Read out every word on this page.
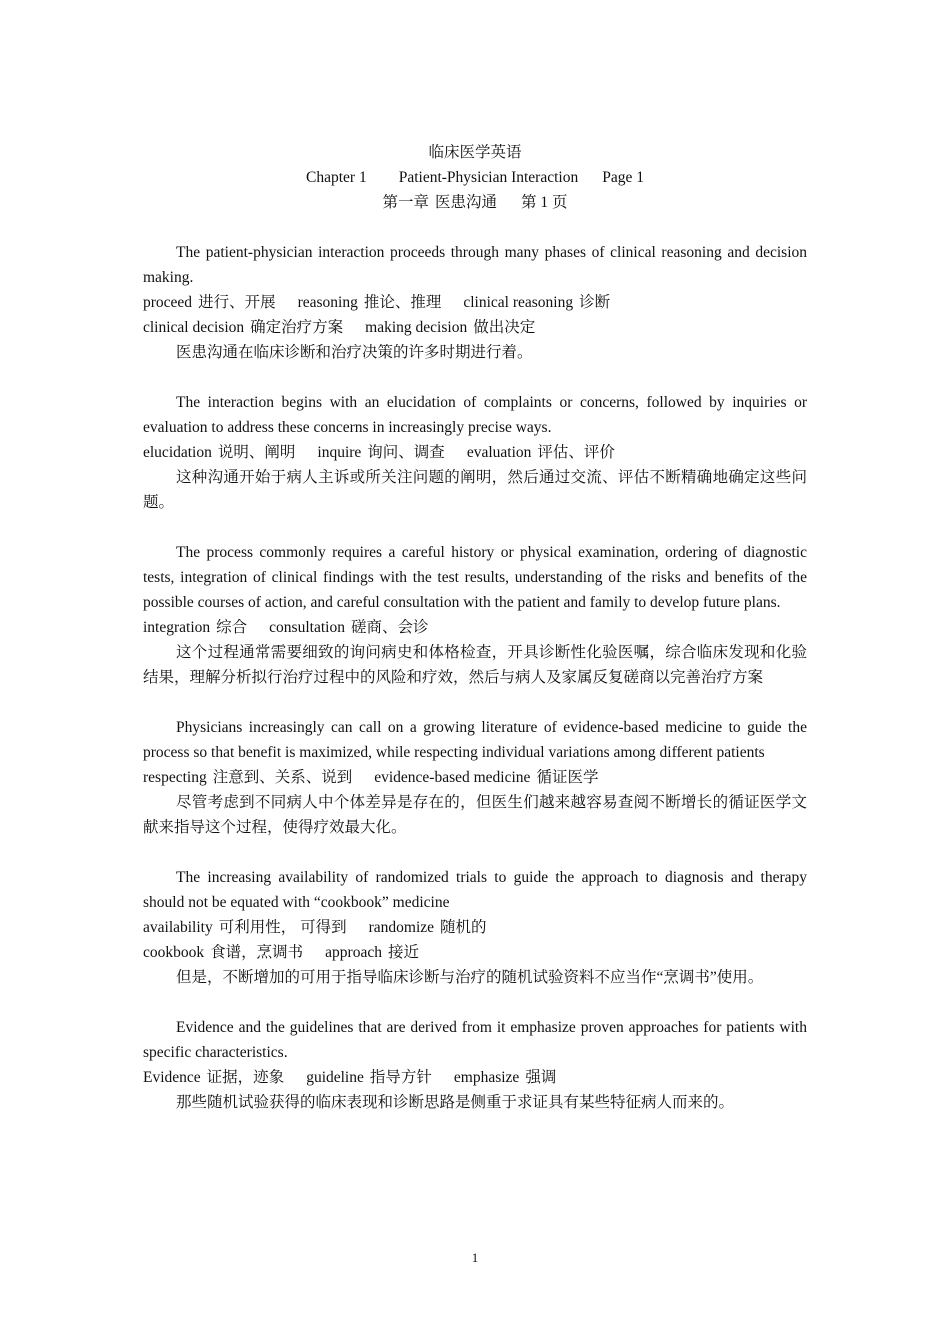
临床医学英语
Chapter 1 Patient-Physician Interaction Page 1
第一章 医患沟通 第 1 页

The patient-physician interaction proceeds through many phases of clinical reasoning and decision making.

proceed 进行、开展 reasoning 推论、推理 clinical reasoning 诊断
clinical decision 确定治疗方案 making decision 做出决定

医患沟通在临床诊断和治疗决策的许多时期进行着。

The interaction begins with an elucidation of complaints or concerns, followed by inquiries or evaluation to address these concerns in increasingly precise ways.

elucidation 说明、阐明 inquire 询问、调查 evaluation 评估、评价

这种沟通开始于病人主诉或所关注问题的阐明，然后通过交流、评估不断精确地确定这些问题。

The process commonly requires a careful history or physical examination, ordering of diagnostic tests, integration of clinical findings with the test results, understanding of the risks and benefits of the possible courses of action, and careful consultation with the patient and family to develop future plans.

integration 综合 consultation 磋商、会诊

这个过程通常需要细致的询问病史和体格检查，开具诊断性化验医嘱，综合临床发现和化验结果，理解分析拟行治疗过程中的风险和疗效，然后与病人及家属反复磋商以完善治疗方案

Physicians increasingly can call on a growing literature of evidence-based medicine to guide the process so that benefit is maximized, while respecting individual variations among different patients

respecting 注意到、关系、说到 evidence-based medicine 循证医学

尽管考虑到不同病人中个体差异是存在的，但医生们越来越容易查阅不断增长的循证医学文献来指导这个过程，使得疗效最大化。

The increasing availability of randomized trials to guide the approach to diagnosis and therapy should not be equated with “cookbook” medicine

availability 可利用性， 可得到 randomize 随机的
cookbook 食谱，烹调书 approach 接近

但是，不断增加的可用于指导临床诊断与治疗的随机试验资料不应当作“烹调书”使用。

Evidence and the guidelines that are derived from it emphasize proven approaches for patients with specific characteristics.

Evidence 证据，迹象 guideline 指导方针 emphasize 强调

那些随机试验获得的临床表现和诊断思路是侧重于求证具有某些特征病人而来的。

1
